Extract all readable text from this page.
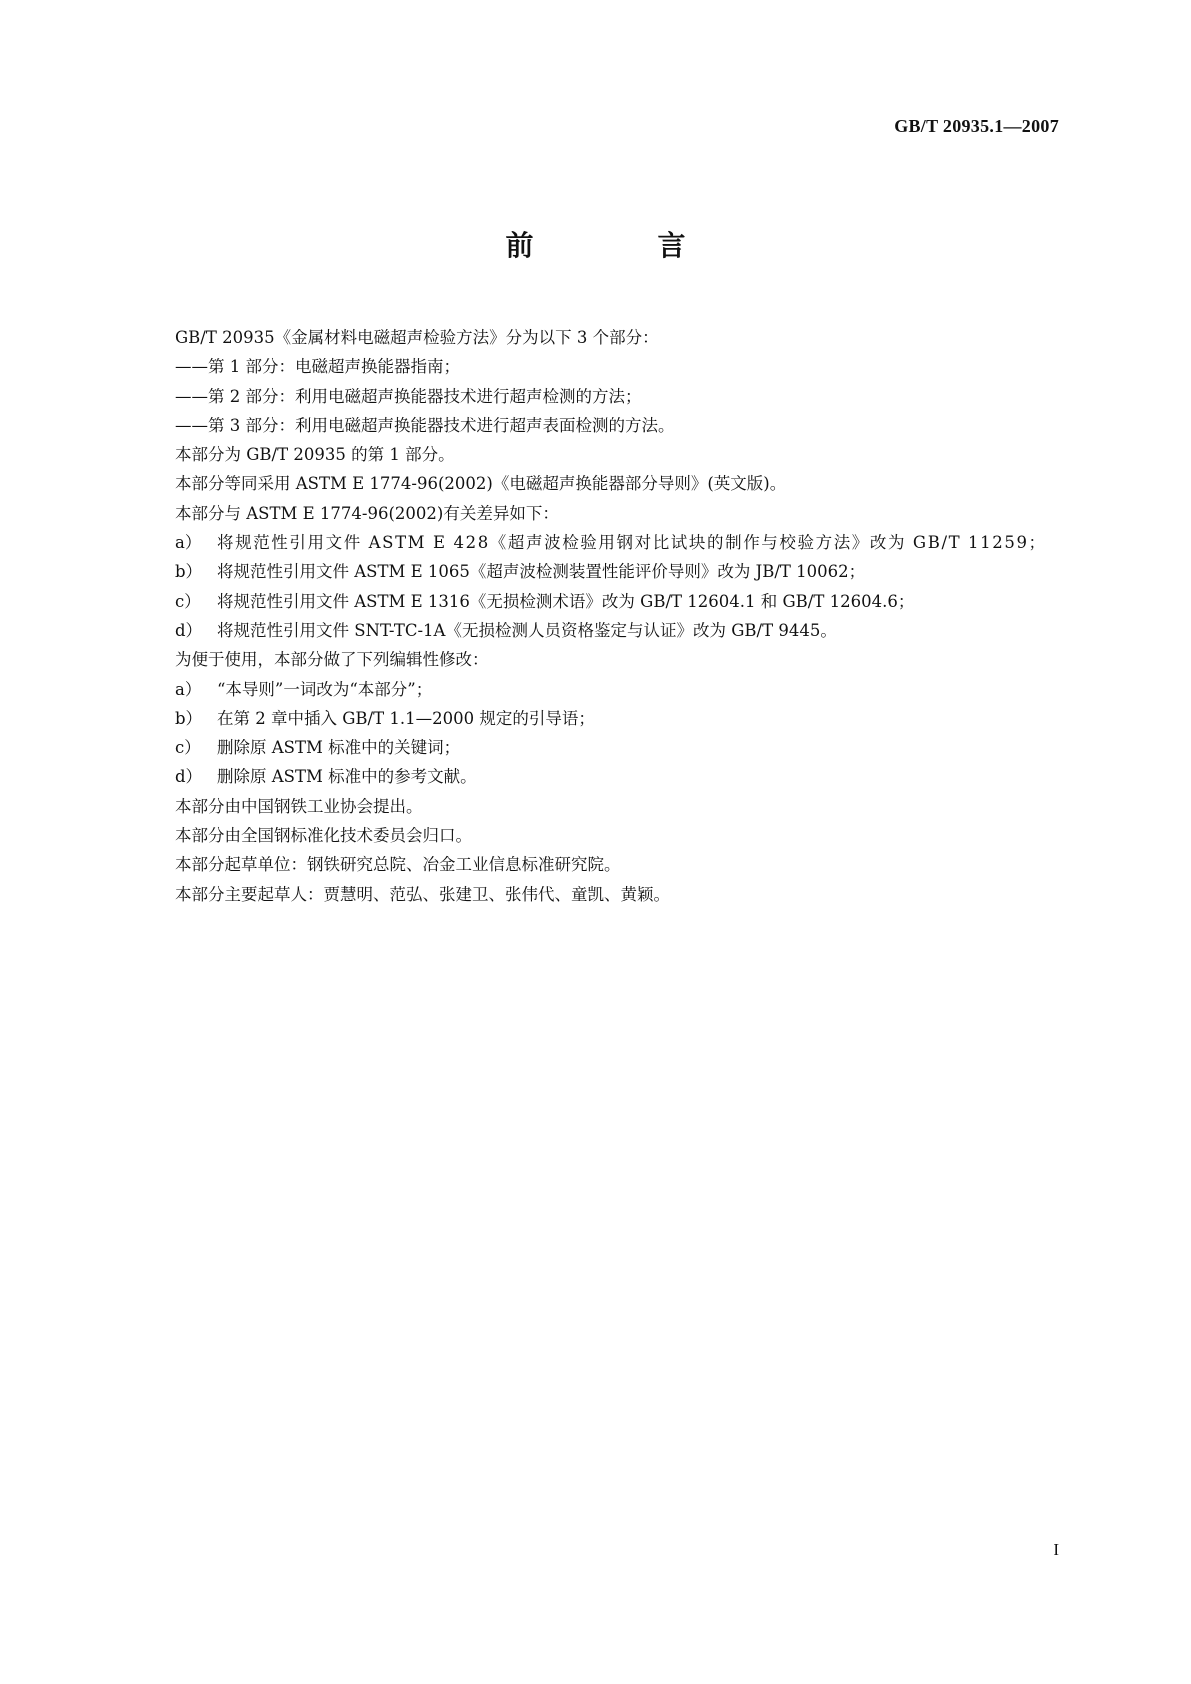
GB/T 20935.1—2007
前　言
GB/T 20935《金属材料电磁超声检验方法》分为以下 3 个部分：
——第 1 部分：电磁超声换能器指南；
——第 2 部分：利用电磁超声换能器技术进行超声检测的方法；
——第 3 部分：利用电磁超声换能器技术进行超声表面检测的方法。
本部分为 GB/T 20935 的第 1 部分。
本部分等同采用 ASTM E 1774-96(2002)《电磁超声换能器部分导则》(英文版)。
本部分与 ASTM E 1774-96(2002)有关差异如下：
a） 将规范性引用文件 ASTM E 428《超声波检验用钢对比试块的制作与校验方法》改为 GB/T 11259；
b） 将规范性引用文件 ASTM E 1065《超声波检测装置性能评价导则》改为 JB/T 10062；
c） 将规范性引用文件 ASTM E 1316《无损检测术语》改为 GB/T 12604.1 和 GB/T 12604.6；
d） 将规范性引用文件 SNT-TC-1A《无损检测人员资格鉴定与认证》改为 GB/T 9445。
为便于使用，本部分做了下列编辑性修改：
a） “本导则”一词改为“本部分”；
b） 在第 2 章中插入 GB/T 1.1—2000 规定的引导语；
c） 删除原 ASTM 标准中的关键词；
d） 删除原 ASTM 标准中的参考文献。
本部分由中国钢铁工业协会提出。
本部分由全国钢标准化技术委员会归口。
本部分起草单位：钢铁研究总院、冶金工业信息标准研究院。
本部分主要起草人：贾慧明、范弘、张建卫、张伟代、童凯、黄颖。
I
